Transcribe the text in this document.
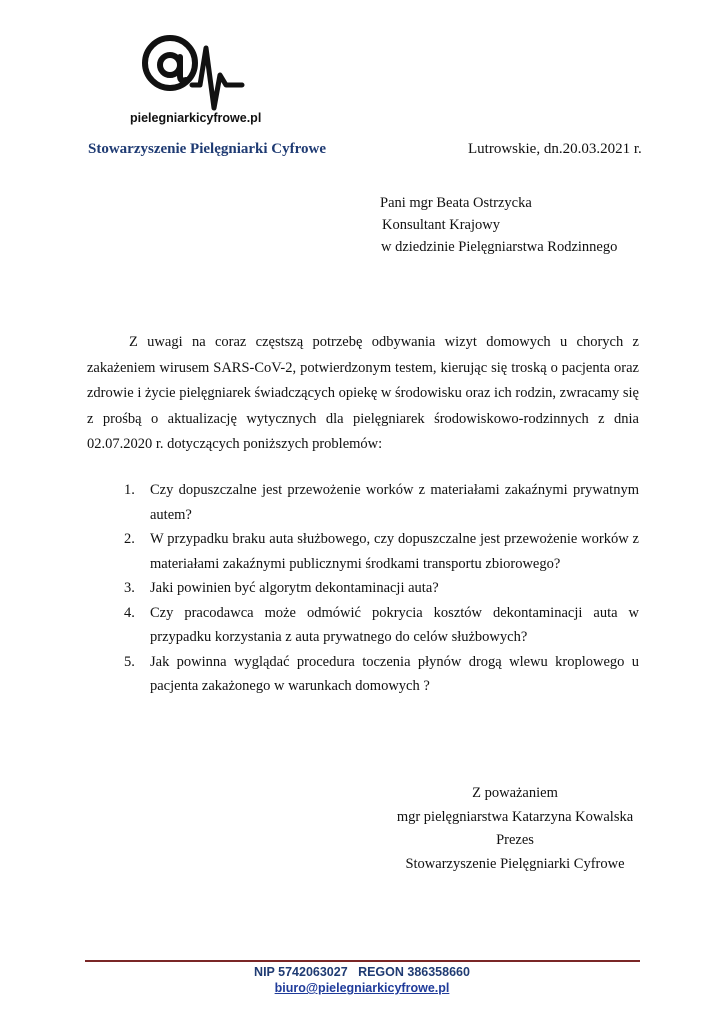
pielegniarkicyfrowe.pl
Stowarzyszenie Pielęgniarki Cyfrowe	Lutrowskie, dn.20.03.2021 r.
Pani mgr Beata Ostrzycka
Konsultant Krajowy
w dziedzinie Pielęgniarstwa Rodzinnego
Z uwagi na coraz częstszą potrzebę odbywania wizyt domowych u chorych z zakażeniem wirusem SARS-CoV-2, potwierdzonym testem, kierując się troską o pacjenta oraz zdrowie i życie pielęgniarek świadczących opiekę w środowisku oraz ich rodzin, zwracamy się z prośbą o aktualizację wytycznych dla pielęgniarek środowiskowo-rodzinnych z dnia 02.07.2020 r. dotyczących poniższych problemów:
1. Czy dopuszczalne jest przewożenie worków z materiałami zakaźnymi prywatnym autem?
2. W przypadku braku auta służbowego, czy dopuszczalne jest przewożenie worków z materiałami zakaźnymi publicznymi środkami transportu zbiorowego?
3. Jaki powinien być algorytm dekontaminacji auta?
4. Czy pracodawca może odmówić pokrycia kosztów dekontaminacji auta w przypadku korzystania z auta prywatnego do celów służbowych?
5. Jak powinna wyglądać procedura toczenia płynów drogą wlewu kroplowego u pacjenta zakażonego w warunkach domowych ?
Z poważaniem
mgr pielęgniarstwa Katarzyna Kowalska
Prezes
Stowarzyszenie Pielęgniarki Cyfrowe
NIP 5742063027   REGON 386358660
biuro@pielegniarkicyfrowe.pl
